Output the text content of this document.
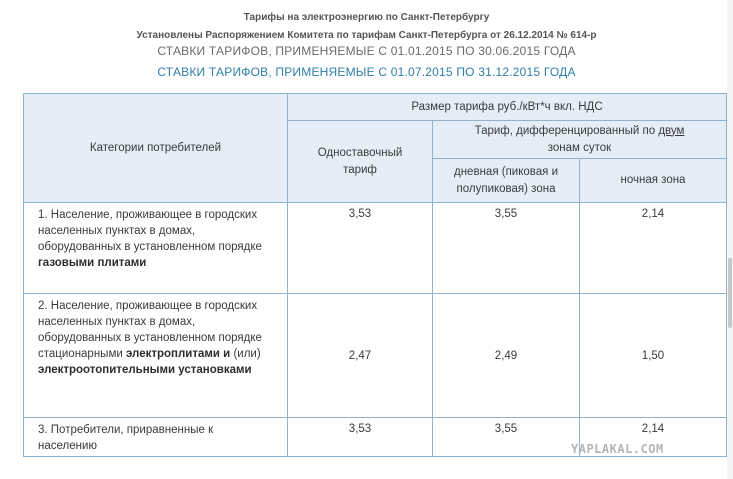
Тарифы на электроэнергию по Санкт-Петербургу
Установлены Распоряжением Комитета по тарифам Санкт-Петербурга от 26.12.2014 № 614-р
СТАВКИ ТАРИФОВ, ПРИМЕНЯЕМЫЕ С 01.01.2015 ПО 30.06.2015 ГОДА
СТАВКИ ТАРИФОВ, ПРИМЕНЯЕМЫЕ С 01.07.2015 ПО 31.12.2015 ГОДА
Категории потребителей	Размер тарифа руб./кВт*ч вкл. НДС		
	Одноставочный тариф	Тариф, дифференцированный по двум
зонам суток	
		дневная (пиковая и полупиковая) зона	ночная зона
1. Население, проживающее в городских населенных пунктах в домах, оборудованных в установленном порядке газовыми плитами	3,53	3,55	2,14
2. Население, проживающее в городских населенных пунктах в домах, оборудованных в установленном порядке стационарными электроплитами и (или) электроотопительными установками	2,47	2,49	1,50
3. Потребители, приравненные к населению	3,53	3,55	2,14
YAPLAKAL.COM
